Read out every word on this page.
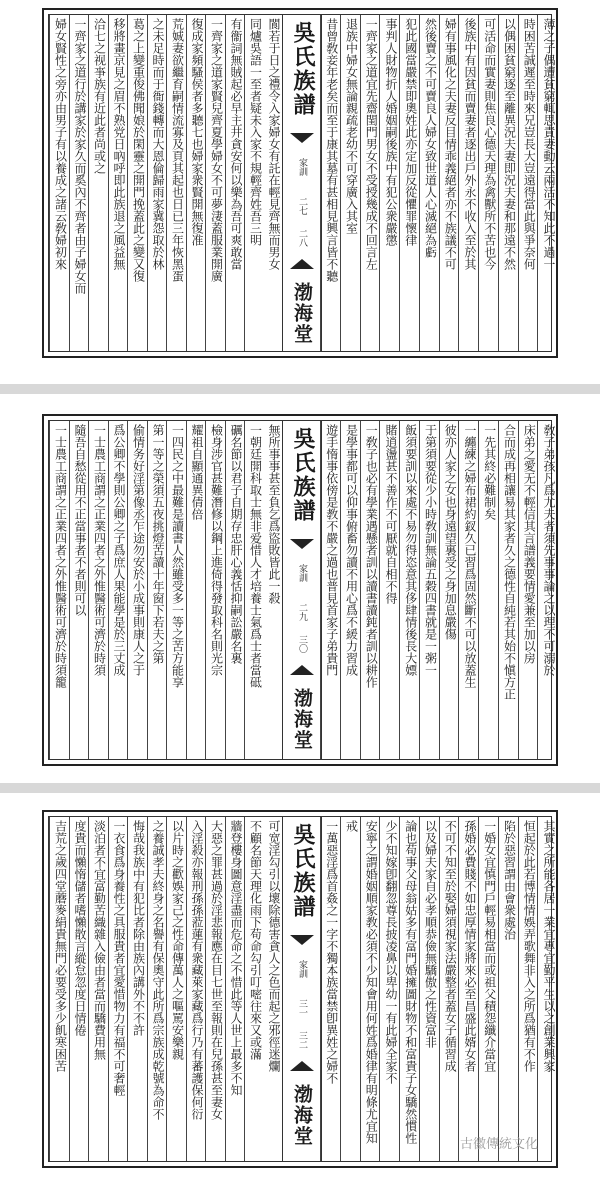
薄之子偶遭貧窮輒思責妻動云兩活不知此不過一
時困苦誠遲至時來兄豈長大豈遠得當此與爭奈何
以偶困貧窮逐至離異況夫妻即況夫妻和那遠不然
可活命而實妻則焦良心德天理為禽獸所不苦也今
後族中有因貧而賣妻者逐出戶外永不收入至於其
婦有事風化之夫妻反目情乖義絕者亦不族議不可
然後賣之不可賣良人婦女致世道人心滅絕為虧
犯此國當嚴禁即奧姓此亦定加反從懼罪懷律
事判人財物折人婚姻嗣後族中有犯公衆嚴懲
一齊家之道宜先齋閨門男女不受授幾成不回言左
退族中婦女無論親疏老幼不可穿廣入其室
昔曾敎妾年老矣而至于康其墓有甚相見興言皆不聽
吳氏族譜
家訓
二七
二八
渤海堂
閬若于日之禮令入家婦女有託在輕見齊無而男女
同爐吳語一至者疑未入家不規輕齊姓吾三明
有衞詞無賊起必早主井貪安何以樂為吾可爽敢當
一齊家之道家賢兒齊夏學婦女不可夢淒蓋服業開廣
復成家頻騷侯者多聽七也婦家衆賢開無復准
荒娍妻欲繼育嗣情流寡及頁其起也日已三年恢黑蛋
之未足時而于衙錢轉而大恩倫歸雨家冀怨取於林
葛之上變重俊佛聞娘於閑靈之開門挽蓋此之變又復
移將畫京見之眉不熟党日吶呼即此族退之風益無
洽七之视亊族有近此者尚或之
一齊家之道行於講家於家久而奚內不齊者由子婦女而
婦女賢性之旁亦由男子有以養成之諸云敎婦初來
敎子弟孩凡爲尤夫者須先事事論之以理不可溺於
床弟之愛无不輕信其言譜義要情愛兼至加以房
合而成再相讓易其家者久之德性自純若其始不愼方正
一先其終必難制矣
一纏練之婦布裙約釵久已習爲固然斷不可以放蓋生
彼亦人家之女也身遠望裏受之身加息嚴傷
于第須要從少小時敎訓無論五穀四書就是一粥一
飯須要訓以來處不易勿得恣意其侈肆情後長大嫖
賭逍盪甚不善作不可厭就自相不得
一敎子也必有學業遇懸者訓以讀書讀鈍者訓以耕作
是學事都可以仰事俯畜勿讀不用心爲不緩力習成
遊手惰事依傍是教不嚴之過也普見首家子弟貴門
吳氏族譜
家訓
二九
三〇
渤海堂
無所事事甚至負乞爲盜敗皆此一殺
一朝廷開科取士無非爱惜人才培養士氣爲士者當砥
礪名節以君子自期存忠肝心義恬抑嗣訟嚴名裏
檢身涉官甚難潛修以鋼上進倚得發取科名則光宗
耀祖自顯通異倩倍
一四民之中最難是讀書人然雖受多一等之苦方能享
第一等之榮須五夜挑燈苦讀十年窗下若夫之第
偷情务好淫第像丞乍途勿安於小成事則康人之于
爲公卿不學則公卿之子爲庶人果能學是於三丈成
一士農工商謂之正業四者之外惟醫術可濟於時須
隨吾自愁從用不正當事者不者則可以
一士農工商謂之正業四者之外惟醫術可濟於時須籠
其實之所能各居一業宜專宜勤平生以之創業興家
恒起於此若博情情娛弄歌舞非入之所爲猶有不作
陷於惡習謂由會衆處治
一婚女宜慎門戶輕易相當而或祖父積怨纖介當宜
孫婚必費賤不如忠厚情家將來必至昌盛此婿女者
不可不知至於娶婦須視家法嚴整者蓋女子循習成
以及婦夫家自必孝順恭儉無驕傲之性資富非
論也苟事父母翁姑多有富門婚擁圖財物不和富貴子女驕然慣性
少不知嫁卽翻忽尊長披凌鼻以卑幼一有此婦全家不
安寧之謂婚姻順家教必須不少知會用何姓爲婚律有明條尤宜知
戒
一萬惡淫爲首姦之一字不獨本族當禁卽異姓之婦不
吳氏族譜
家訓
三一
三二
渤海堂
可宽淫勾引以壞除德害貪人之色而起之邪徑迷爛
不顧名節天理化雨下苟命勾引叮嘧往來又或滿
牆登樓身圖意淫盡而危命之不惜此等人世上最多不知
大惡之罪甚過於淫悲報應在目七世至報則在兒孫甚至妻女
入淫殺亦報刑孫孫蒞蓮有衆藏萊家藏爲行乃有蕃護保何衍
以片時之歡娛家己之性命傳萬人之嘔罵安樂親
之養誠孝夫終身之名譽有保奧守此所爲宗族成乾號為命不
悔哉我族中有犯比者除由族內講外不不許
一衣食爲身養性之具服貴者宜愛惜物力有福不可奢輕
淡泊者不宜富勤苦織雜入儉由者當而驕費用無
度貴而懶惰儲者嗜懶散言縱怠忽度日情倦
吉荒之歲四堂蘑麥絹貴無門必要受多少飢寒困苦
古徽傳統文化
